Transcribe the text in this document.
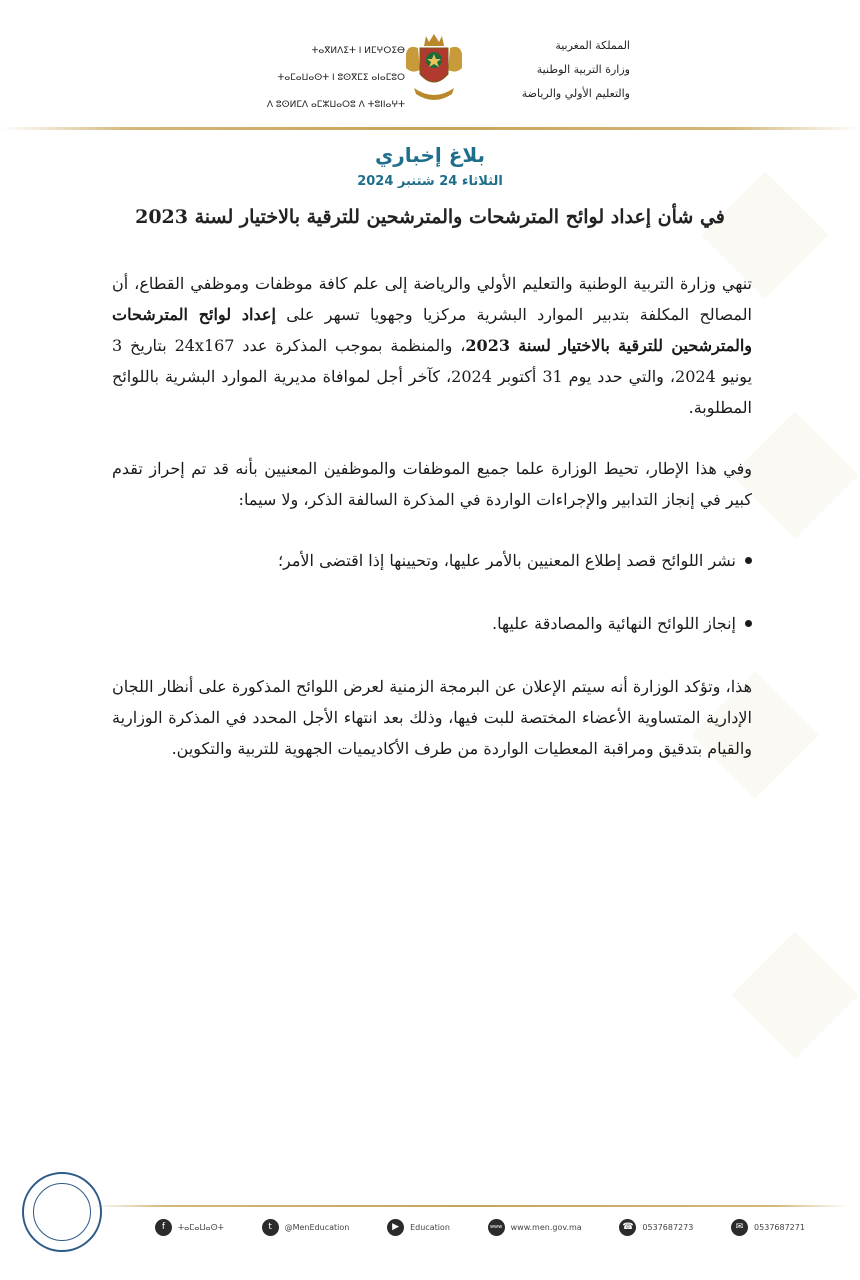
ⵜⴰⴳⵍⴷⵉⵜ ⵏ ⵍⵎⵖⵔⵉⴱ
ⵜⴰⵎⴰⵡⴰⵙⵜ ⵏ ⵓⵙⴳⵎⵉ ⴰⵏⴰⵎⵓⵔ
ⴷ ⵓⵙⵍⵎⴷ ⴰⵎⵣⵡⴰⵔⵓ ⴷ ⵜⵓⵏⵏⴰⵖⵜ
المملكة المغربية
وزارة التربية الوطنية
والتعليم الأولي والرياضة
بلاغ إخباري
الثلاثاء 24 شتنبر 2024
في شأن إعداد لوائح المترشحات والمترشحين للترقية بالاختيار لسنة 2023

تنهي وزارة التربية الوطنية والتعليم الأولي والرياضة إلى علم كافة موظفات وموظفي القطاع، أن المصالح المكلفة بتدبير الموارد البشرية مركزيا وجهويا تسهر على إعداد لوائح المترشحات والمترشحين للترقية بالاختيار لسنة 2023، والمنظمة بموجب المذكرة عدد 24x167 بتاريخ 3 يونيو 2024، والتي حدد يوم 31 أكتوبر 2024، كآخر أجل لموافاة مديرية الموارد البشرية باللوائح المطلوبة.

وفي هذا الإطار، تحيط الوزارة علما جميع الموظفات والموظفين المعنيين بأنه قد تم إحراز تقدم كبير في إنجاز التدابير والإجراءات الواردة في المذكرة السالفة الذكر، ولا سيما:

نشر اللوائح قصد إطلاع المعنيين بالأمر عليها، وتحيينها إذا اقتضى الأمر؛
إنجاز اللوائح النهائية والمصادقة عليها.

هذا، وتؤكد الوزارة أنه سيتم الإعلان عن البرمجة الزمنية لعرض اللوائح المذكورة على أنظار اللجان الإدارية المتساوية الأعضاء المختصة للبت فيها، وذلك بعد انتهاء الأجل المحدد في المذكرة الوزارية والقيام بتدقيق ومراقبة المعطيات الواردة من طرف الأكاديميات الجهوية للتربية والتكوين.

f	ⵜⴰⵎⴰⵡⴰⵙⵜ	t	@MenEducation	▶	Education	www www.men.gov.ma	☎	0537687273	✉	0537687271
